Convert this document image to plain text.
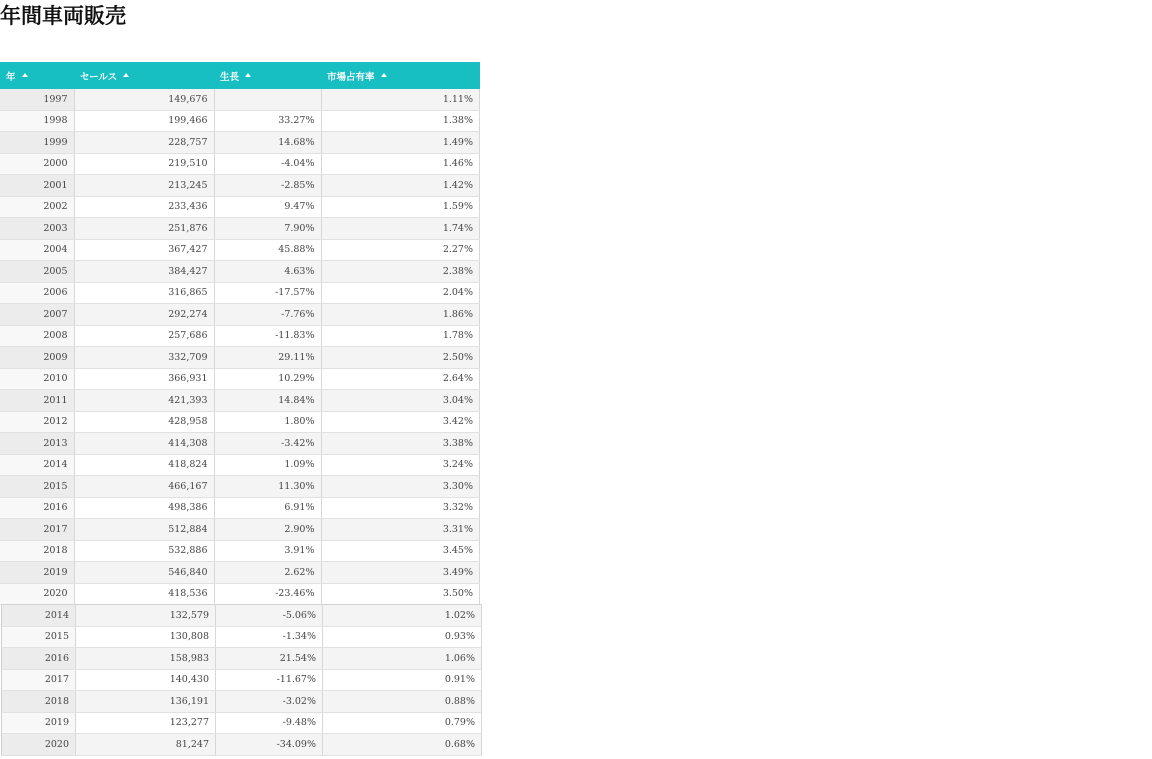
年間車両販売
年	セールス	生長	市場占有率

1997	149,676		1.11%
1998	199,466	33.27%	1.38%
1999	228,757	14.68%	1.49%
2000	219,510	-4.04%	1.46%
2001	213,245	-2.85%	1.42%
2002	233,436	9.47%	1.59%
2003	251,876	7.90%	1.74%
2004	367,427	45.88%	2.27%
2005	384,427	4.63%	2.38%
2006	316,865	-17.57%	2.04%
2007	292,274	-7.76%	1.86%
2008	257,686	-11.83%	1.78%
2009	332,709	29.11%	2.50%
2010	366,931	10.29%	2.64%
2011	421,393	14.84%	3.04%
2012	428,958	1.80%	3.42%
2013	414,308	-3.42%	3.38%
2014	418,824	1.09%	3.24%
2015	466,167	11.30%	3.30%
2016	498,386	6.91%	3.32%
2017	512,884	2.90%	3.31%
2018	532,886	3.91%	3.45%
2019	546,840	2.62%	3.49%
2020	418,536	-23.46%	3.50%
2014	132,579	-5.06%	1.02%
2015	130,808	-1.34%	0.93%
2016	158,983	21.54%	1.06%
2017	140,430	-11.67%	0.91%
2018	136,191	-3.02%	0.88%
2019	123,277	-9.48%	0.79%
2020	81,247	-34.09%	0.68%
